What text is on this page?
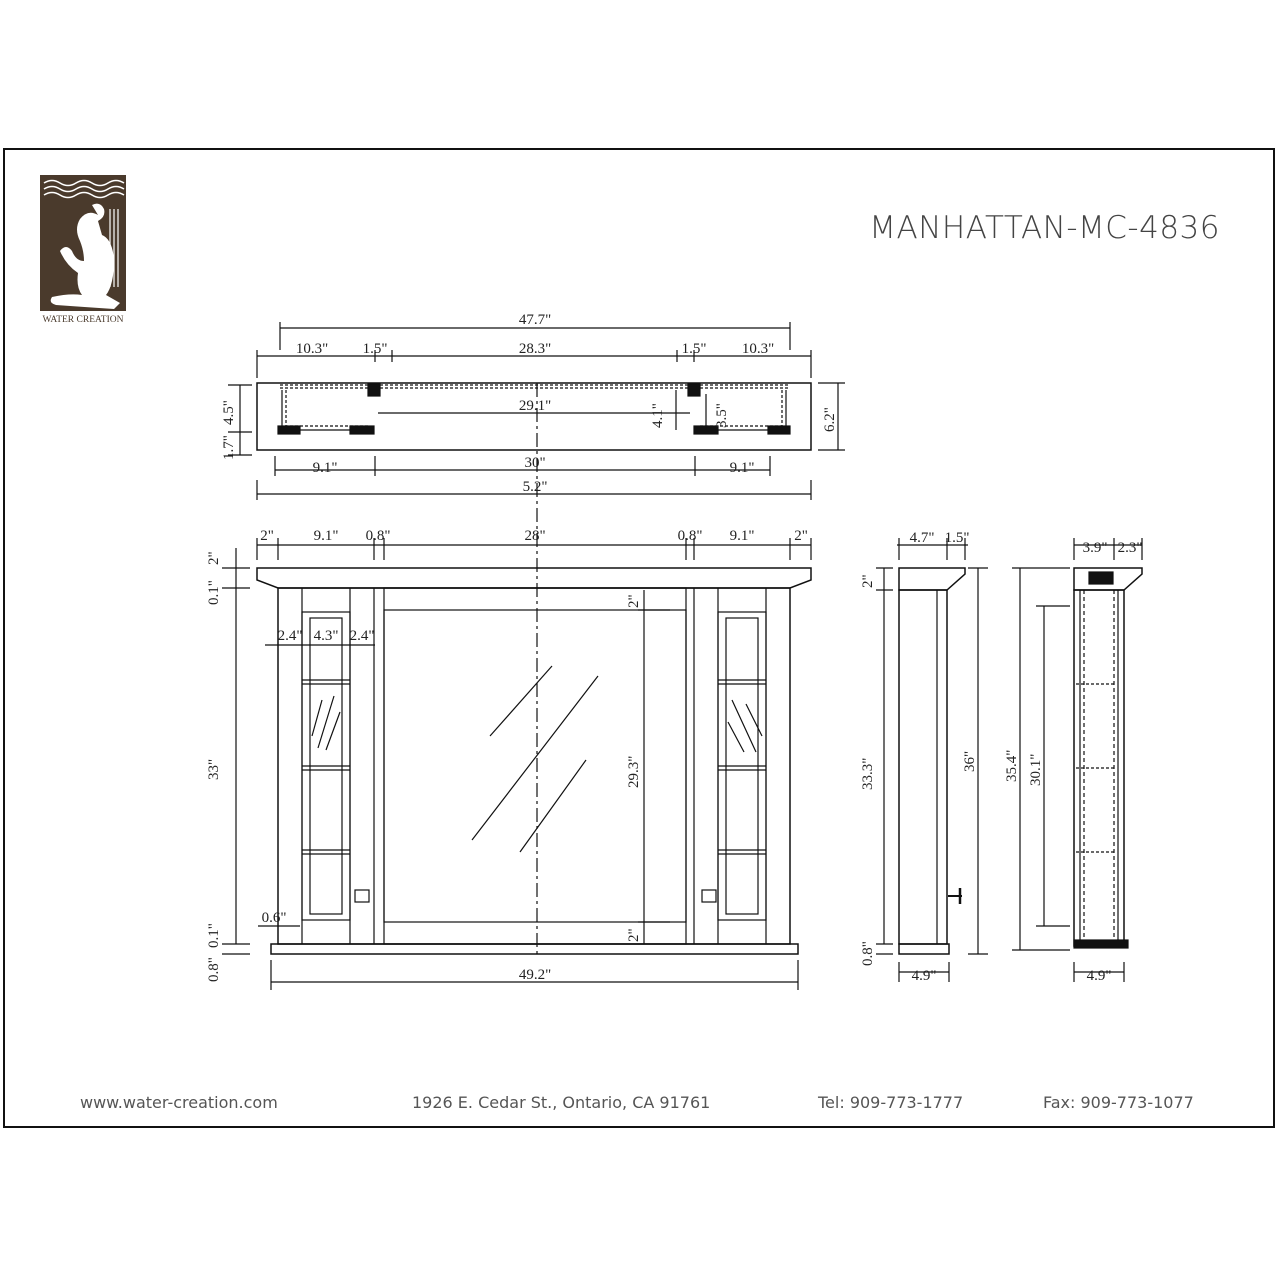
WATER CREATION
MANHATTAN-MC-4836
47.7"
10.3" 1.5"	28.3"	1.5" 10.3"
29.1"
9.1"	30"	9.1"
5.2"
1.7"
4.5"	4.1"	3.5"	6.2"
2"	9.1" 0.8"	28"	0.8" 9.1"	2"
2"
0.1"
2.4" 4.3" 2.4"
33"
2"
29.3"
2"
0.6"
0.8"
0.1"
49.2"
4.7" 1.5"
2"
33.3"	36"
0.8"
4.9"
3.9" 2.3"
35.4" 30.1"
4.9"
www.water-creation.com	1926 E. Cedar St., Ontario, CA 91761	Tel: 909-773-1777	Fax: 909-773-1077
